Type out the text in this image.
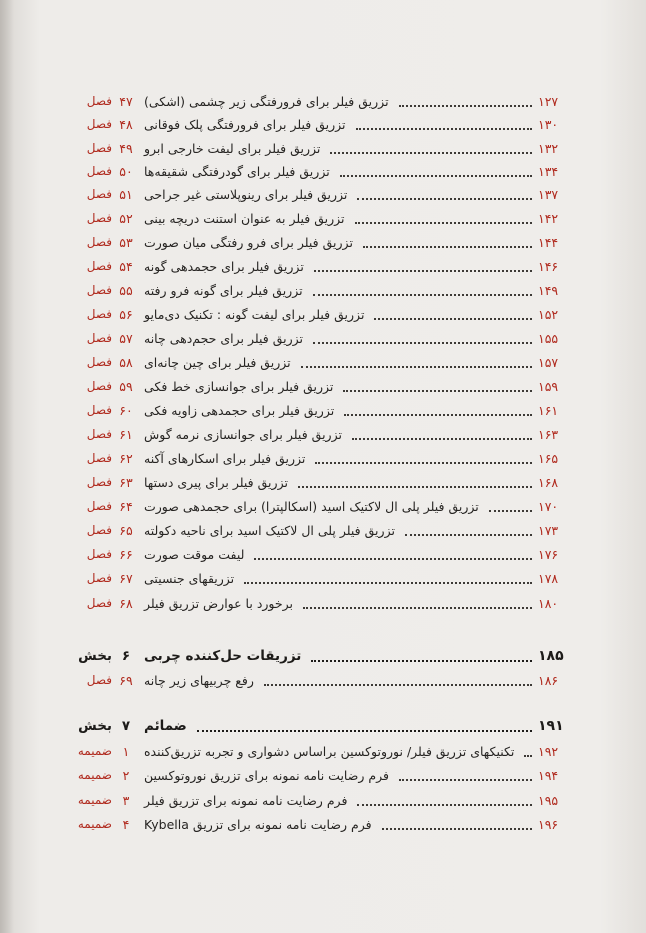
فصل ۴۷ تزریق فیلر برای فرورفتگی زیر چشمی (اشکی)	۱۲۷
فصل ۴۸ تزریق فیلر برای فرورفتگی پلک فوقانی	۱۳۰
فصل ۴۹ تزریق فیلر برای لیفت خارجی ابرو	۱۳۲
فصل ۵۰ تزریق فیلر برای گودرفتگی شقیقه‌ها	۱۳۴
فصل ۵۱ تزریق فیلر برای رینوپلاستی غیر جراحی	۱۳۷
فصل ۵۲ تزریق فیلر به عنوان استنت دریچه بینی	۱۴۲
فصل ۵۳ تزریق فیلر برای فرو رفتگی میان صورت	۱۴۴
فصل ۵۴ تزریق فیلر برای حجمدهی گونه	۱۴۶
فصل ۵۵ تزریق فیلر برای گونه فرو رفته	۱۴۹
فصل ۵۶ تزریق فیلر برای لیفت گونه : تکنیک دی‌مایو	۱۵۲
فصل ۵۷ تزریق فیلر برای حجم‌دهی چانه	۱۵۵
فصل ۵۸ تزریق فیلر برای چین چانه‌ای	۱۵۷
فصل ۵۹ تزریق فیلر برای جوانسازی خط فکی	۱۵۹
فصل ۶۰ تزریق فیلر برای حجمدهی زاویه فکی	۱۶۱
فصل ۶۱ تزریق فیلر برای جوانسازی نرمه گوش	۱۶۳
فصل ۶۲ تزریق فیلر برای اسکارهای آکنه	۱۶۵
فصل ۶۳ تزریق فیلر برای پیری دستها	۱۶۸
فصل ۶۴ تزریق فیلر پلی ال لاکتیک اسید (اسکالپترا) برای حجمدهی صورت	۱۷۰
فصل ۶۵ تزریق فیلر پلی ال لاکتیک اسید برای ناحیه دکولته	۱۷۳
فصل ۶۶ لیفت موقت صورت	۱۷۶
فصل ۶۷ تزریقهای جنسیتی	۱۷۸
فصل ۶۸ برخورد با عوارض تزریق فیلر	۱۸۰
بخش ۶	تزریقات حل‌کننده چربی	۱۸۵
فصل ۶۹ رفع چربیهای زیر چانه	۱۸۶
بخش ۷	ضمائم	۱۹۱
ضمیمه ۱	تکنیکهای تزریق فیلر/ نوروتوکسین براساس دشواری و تجربه تزریق‌کننده	۱۹۲
ضمیمه ۲	فرم رضایت نامه نمونه برای تزریق نوروتوکسین	۱۹۴
ضمیمه ۳	فرم رضایت نامه نمونه برای تزریق فیلر	۱۹۵
ضمیمه ۴	فرم رضایت نامه نمونه برای تزریق Kybella	۱۹۶
